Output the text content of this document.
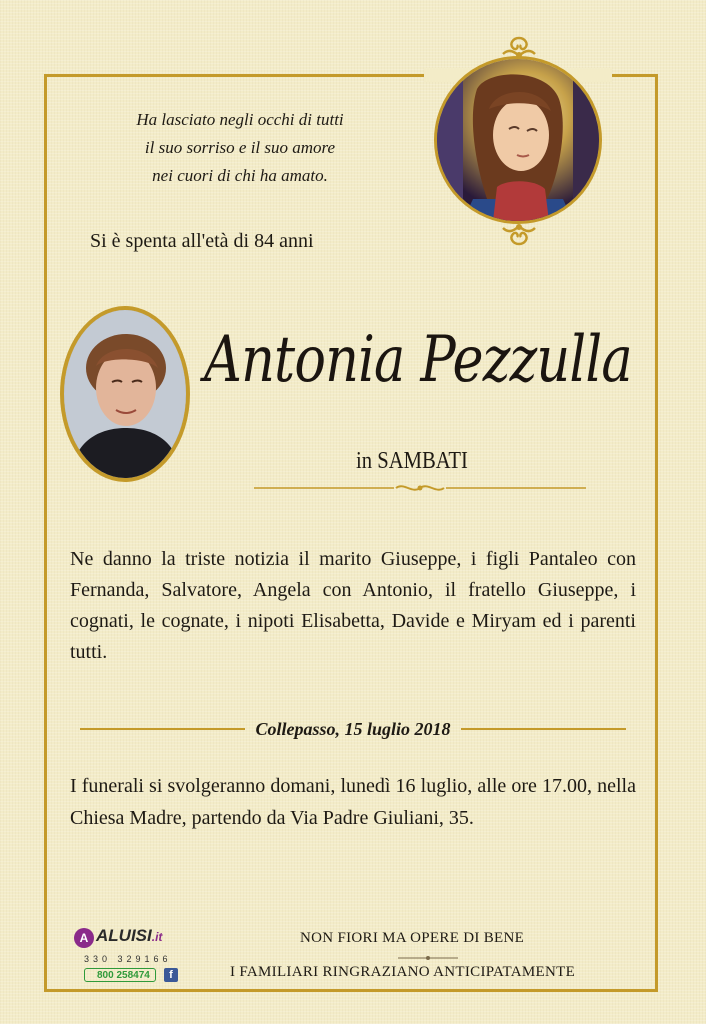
Ha lasciato negli occhi di tutti
il suo sorriso e il suo amore
nei cuori di chi ha amato.
Si è spenta all'età di 84 anni
Antonia Pezzulla
in SAMBATI
Ne danno la triste notizia il marito Giuseppe, i figli Pantaleo con Fernanda, Salvatore, Angela con Antonio, il fratello Giuseppe, i cognati, le cognate, i nipoti Elisabetta, Davide e Miryam ed i parenti tutti.
Collepasso, 15 luglio 2018
I funerali si svolgeranno domani, lunedì 16 luglio, alle ore 17.00, nella Chiesa Madre, partendo da Via Padre Giuliani, 35.
A ALUISI.it
330 329166
800 258474	f
NON FIORI MA OPERE DI BENE
I FAMILIARI RINGRAZIANO ANTICIPATAMENTE
